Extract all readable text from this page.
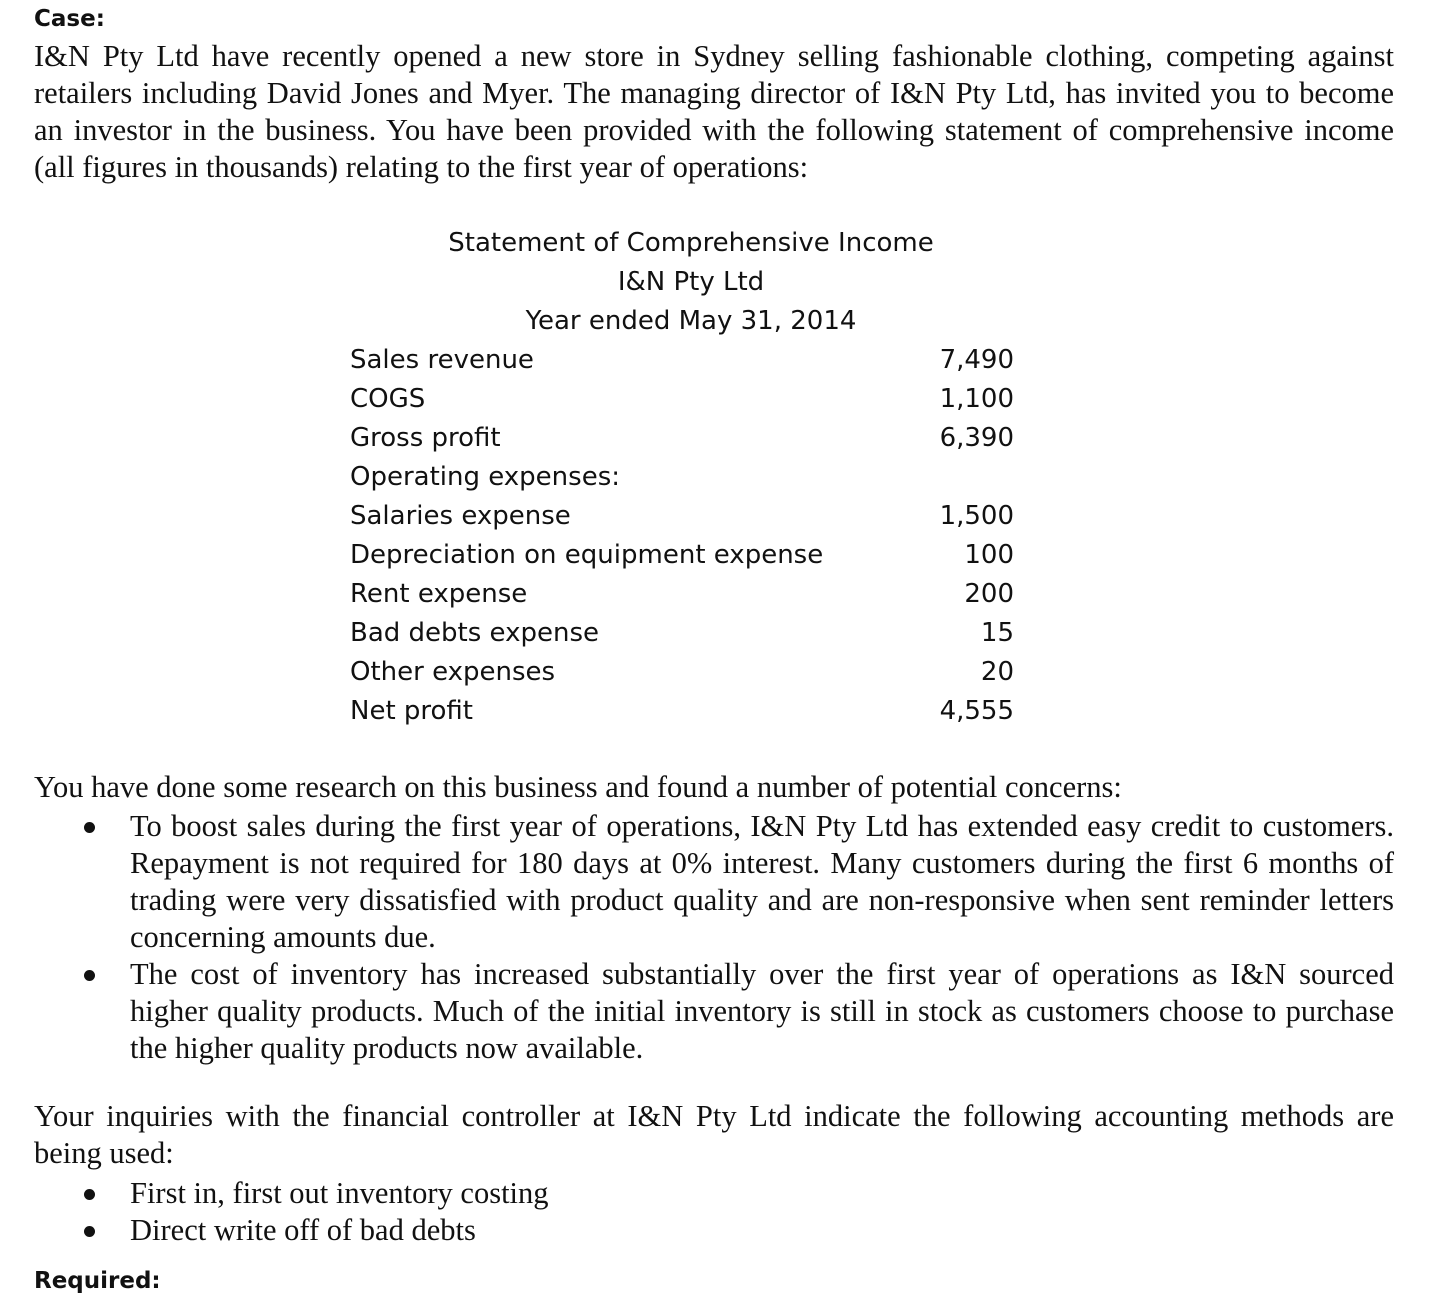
Case:
I&N Pty Ltd have recently opened a new store in Sydney selling fashionable clothing, competing against retailers including David Jones and Myer. The managing director of I&N Pty Ltd, has invited you to become an investor in the business. You have been provided with the following statement of comprehensive income (all figures in thousands) relating to the first year of operations:
Statement of Comprehensive Income
I&N Pty Ltd
Year ended May 31, 2014
Sales revenue	7,490
COGS	1,100
Gross profit	6,390
Operating expenses:
Salaries expense	1,500
Depreciation on equipment expense	100
Rent expense	200
Bad debts expense	15
Other expenses	20
Net profit	4,555
You have done some research on this business and found a number of potential concerns:
To boost sales during the first year of operations, I&N Pty Ltd has extended easy credit to customers. Repayment is not required for 180 days at 0% interest. Many customers during the first 6 months of trading were very dissatisfied with product quality and are non-responsive when sent reminder letters concerning amounts due.
The cost of inventory has increased substantially over the first year of operations as I&N sourced higher quality products. Much of the initial inventory is still in stock as customers choose to purchase the higher quality products now available.
Your inquiries with the financial controller at I&N Pty Ltd indicate the following accounting methods are being used:
First in, first out inventory costing
Direct write off of bad debts
Required:
